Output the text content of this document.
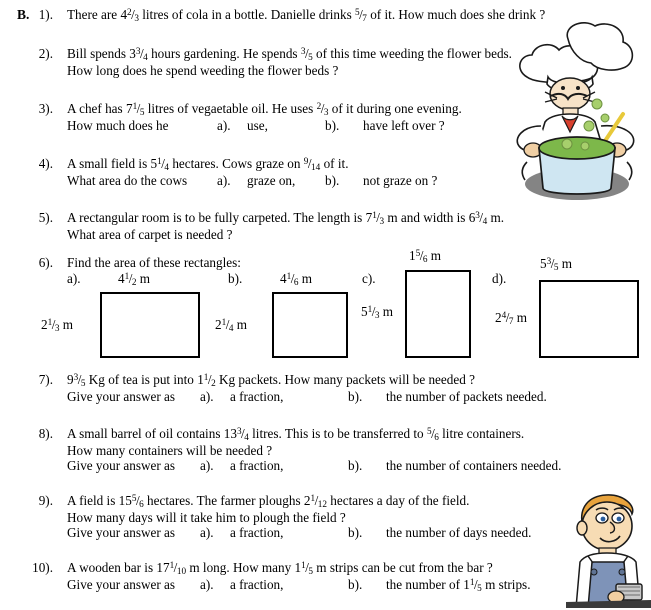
B. 1). There are $4^2/3$ litres of cola in a bottle. Danielle drinks $^5$/7 of it. How much does she drink ?
2). Bill spends $3^3/4$ hours gardening. He spends $^3$/5 of this time weeding the flower beds.
How long does he spend weeding the flower beds ?
3). A chef has $7^1/5$ litres of vegaetable oil. He uses $^2$/3 of it during one evening.
How much does he	a).	use,	b).	have left over ?
4). A small field is $5^1/4$ hectares. Cows graze on $^9$/14 of it.
What area do the cows	a).	graze on,	b).	not graze on ?
5). A rectangular room is to be fully carpeted. The length is $7^1/3$ m and width is $6^3/4$ m.
What area of carpet is needed ?
6). Find the area of these rectangles:
a).	$4^1/2$ m
$2^1/3$ m
b).	$4^1/6$ m
$2^1/4$ m
c).
$1^5/6$ m
$5^1/3$ m
d).
$5^3/5$ m
$2^4/7$ m
7). $9^3/5$ Kg of tea is put into $1^1/2$ Kg packets. How many packets will be needed ?
Give your answer as	a).	a fraction,	b).	the number of packets needed.
8). A small barrel of oil contains $13^3/4$ litres. This is to be transferred to $^5$/6 litre containers.
How many containers will be needed ?
Give your answer as	a).	a fraction,	b).	the number of containers needed.
9). A field is $15^5/6$ hectares. The farmer ploughs $2^1/12$ hectares a day of the field.
How many days will it take him to plough the field ?
Give your answer as	a).	a fraction,	b).	the number of days needed.
10). A wooden bar is $17^1/10$ m long. How many $1^1/5$ m strips can be cut from the bar ?
Give your answer as	a).	a fraction,	b).	the number of $1^1/5$ m strips.
